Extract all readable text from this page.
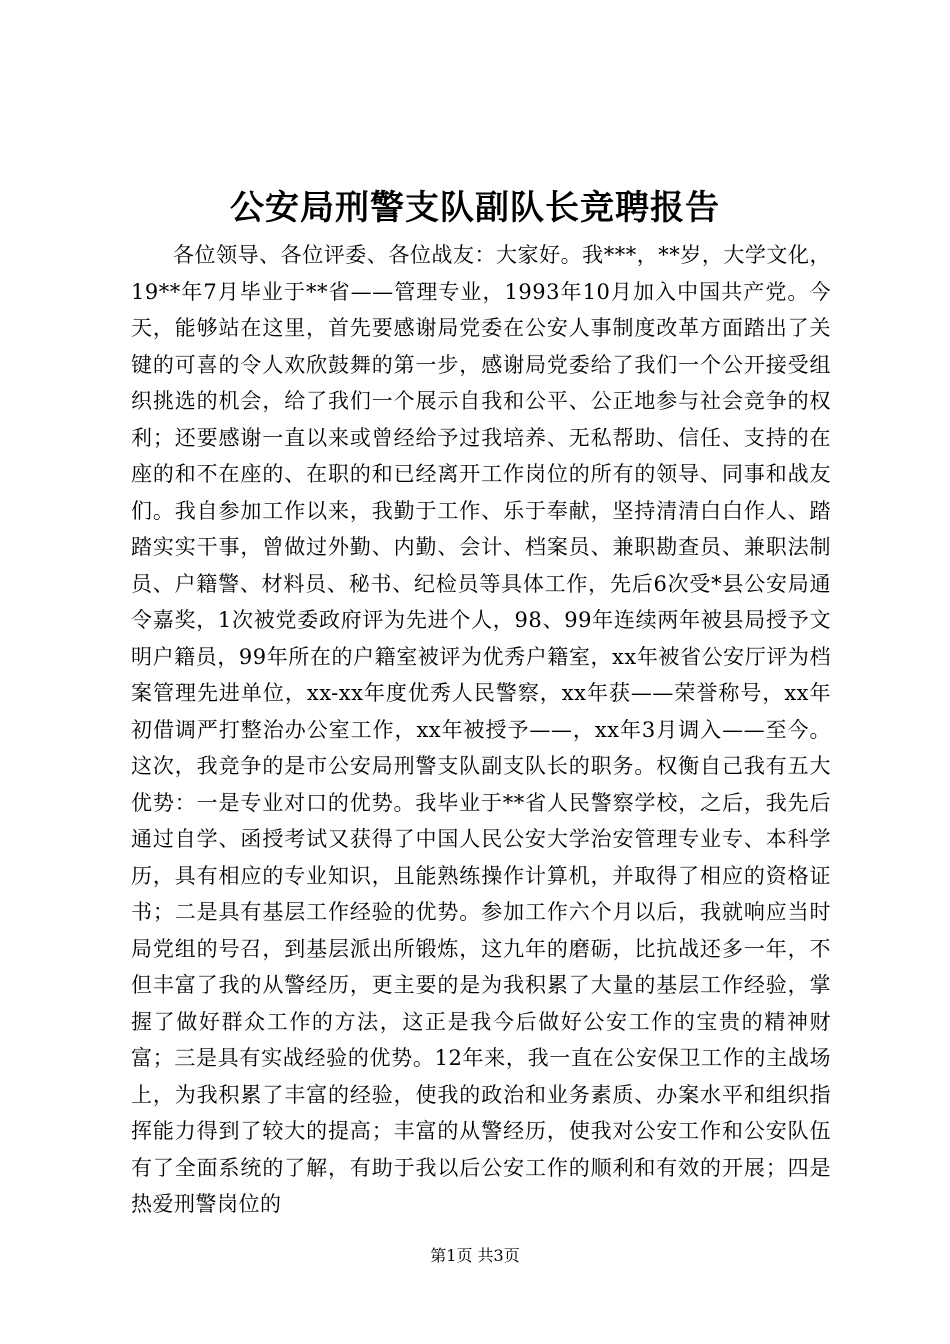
公安局刑警支队副队长竞聘报告

各位领导、各位评委、各位战友：大家好。我***，**岁，大学文化，19**年7月毕业于**省——管理专业，1993年10月加入中国共产党。今天，能够站在这里，首先要感谢局党委在公安人事制度改革方面踏出了关键的可喜的令人欢欣鼓舞的第一步，感谢局党委给了我们一个公开接受组织挑选的机会，给了我们一个展示自我和公平、公正地参与社会竞争的权利；还要感谢一直以来或曾经给予过我培养、无私帮助、信任、支持的在座的和不在座的、在职的和已经离开工作岗位的所有的领导、同事和战友们。我自参加工作以来，我勤于工作、乐于奉献，坚持清清白白作人、踏踏实实干事，曾做过外勤、内勤、会计、档案员、兼职勘查员、兼职法制员、户籍警、材料员、秘书、纪检员等具体工作，先后6次受*县公安局通令嘉奖，1次被党委政府评为先进个人，98、99年连续两年被县局授予文明户籍员，99年所在的户籍室被评为优秀户籍室，xx年被省公安厅评为档案管理先进单位，xx-xx年度优秀人民警察，xx年获——荣誉称号，xx年初借调严打整治办公室工作，xx年被授予——，xx年3月调入——至今。这次，我竞争的是市公安局刑警支队副支队长的职务。权衡自己我有五大优势：一是专业对口的优势。我毕业于**省人民警察学校，之后，我先后通过自学、函授考试又获得了中国人民公安大学治安管理专业专、本科学历，具有相应的专业知识，且能熟练操作计算机，并取得了相应的资格证书；二是具有基层工作经验的优势。参加工作六个月以后，我就响应当时局党组的号召，到基层派出所锻炼，这九年的磨砺，比抗战还多一年，不但丰富了我的从警经历，更主要的是为我积累了大量的基层工作经验，掌握了做好群众工作的方法，这正是我今后做好公安工作的宝贵的精神财富；三是具有实战经验的优势。12年来，我一直在公安保卫工作的主战场上，为我积累了丰富的经验，使我的政治和业务素质、办案水平和组织指挥能力得到了较大的提高；丰富的从警经历，使我对公安工作和公安队伍有了全面系统的了解，有助于我以后公安工作的顺利和有效的开展；四是热爱刑警岗位的

第1页 共3页
